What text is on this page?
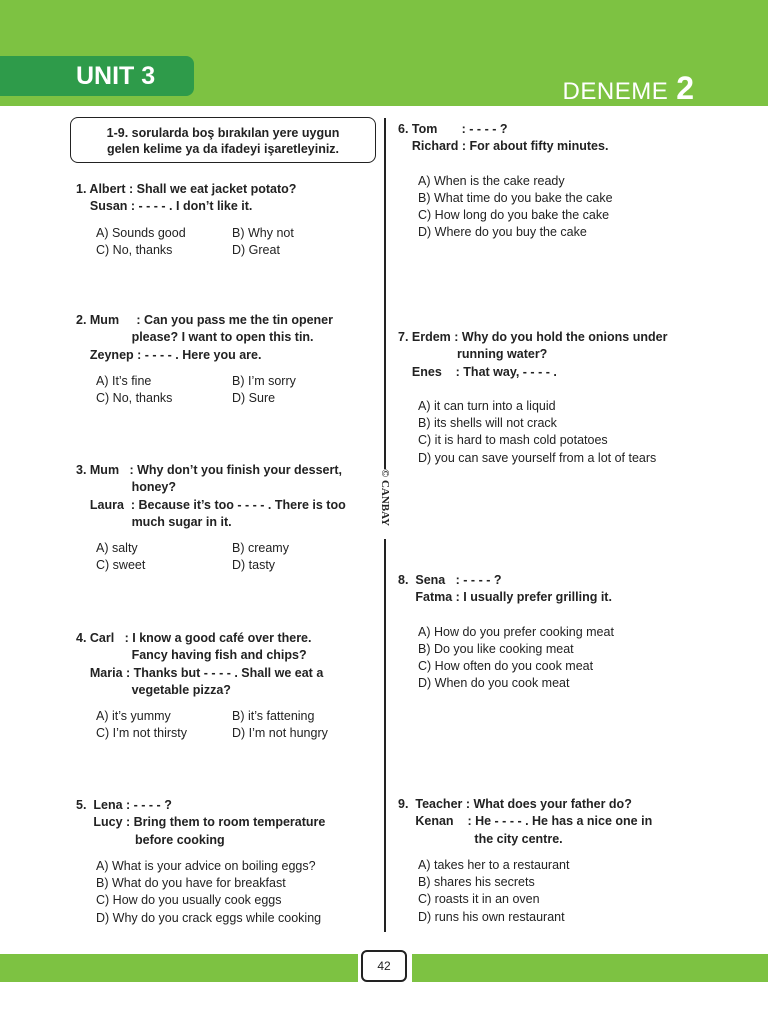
UNIT 3
DENEME 2
1-9. sorularda boş bırakılan yere uygun
gelen kelime ya da ifadeyi işaretleyiniz.
© CANBAY
1. Albert : Shall we eat jacket potato?
Susan : - - - - . I don’t like it.
A) Sounds good	B) Why not
C) No, thanks	D) Great
2. Mum     : Can you pass me the tin opener
please? I want to open this tin.
Zeynep : - - - - . Here you are.
A) It’s fine	B) I’m sorry
C) No, thanks	D) Sure
3. Mum   : Why don’t you finish your dessert,
honey?
Laura  : Because it’s too - - - - . There is too
much sugar in it.
A) salty	B) creamy
C) sweet	D) tasty
4. Carl   : I know a good café over there.
Fancy having fish and chips?
Maria : Thanks but - - - - . Shall we eat a
vegetable pizza?
A) it’s yummy	B) it’s fattening
C) I’m not thirsty	D) I’m not hungry
5.  Lena : - - - - ?
Lucy : Bring them to room temperature
before cooking
A) What is your advice on boiling eggs?
B) What do you have for breakfast
C) How do you usually cook eggs
D) Why do you crack eggs while cooking
6. Tom       : - - - - ?
Richard : For about fifty minutes.
A) When is the cake ready
B) What time do you bake the cake
C) How long do you bake the cake
D) Where do you buy the cake
7. Erdem : Why do you hold the onions under
running water?
Enes    : That way, - - - - .
A) it can turn into a liquid
B) its shells will not crack
C) it is hard to mash cold potatoes
D) you can save yourself from a lot of tears
8.  Sena   : - - - - ?
Fatma : I usually prefer grilling it.
A) How do you prefer cooking meat
B) Do you like cooking meat
C) How often do you cook meat
D) When do you cook meat
9.  Teacher : What does your father do?
Kenan    : He - - - - . He has a nice one in
the city centre.
A) takes her to a restaurant
B) shares his secrets
C) roasts it in an oven
D) runs his own restaurant
42
